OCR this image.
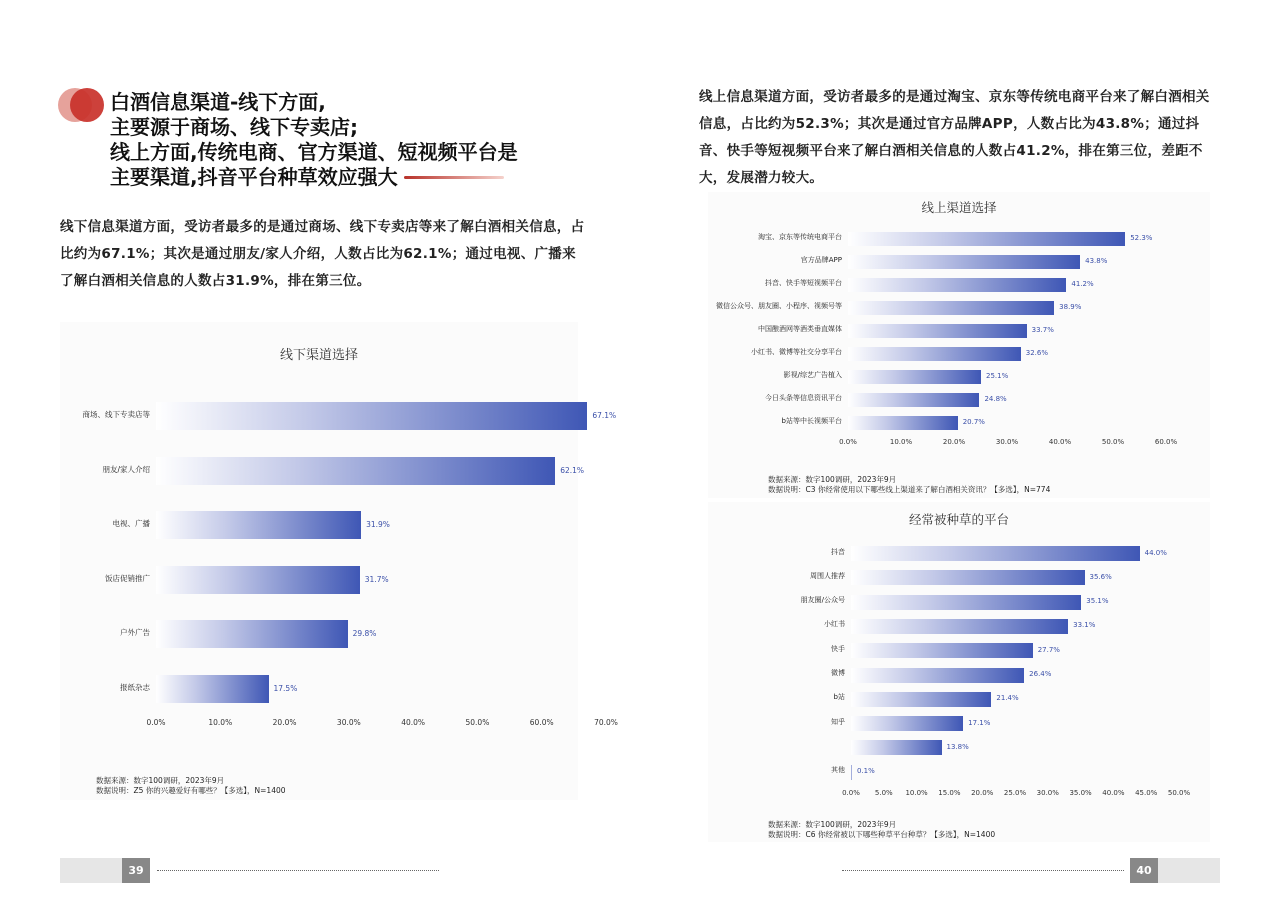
白酒信息渠道-线下方面,
主要源于商场、线下专卖店;
线上方面,传统电商、官方渠道、短视频平台是
主要渠道,抖音平台种草效应强大
线下信息渠道方面，受访者最多的是通过商场、线下专卖店等来了解白酒相关信息，占比约为67.1%；其次是通过朋友/家人介绍，人数占比为62.1%；通过电视、广播来了解白酒相关信息的人数占31.9%，排在第三位。
线上信息渠道方面，受访者最多的是通过淘宝、京东等传统电商平台来了解白酒相关信息，占比约为52.3%；其次是通过官方品牌APP，人数占比为43.8%；通过抖音、快手等短视频平台来了解白酒相关信息的人数占41.2%，排在第三位，差距不大，发展潜力较大。
线下渠道选择
商场、线下专卖店等	67.1%
朋友/家人介绍	62.1%
电视、广播	31.9%
饭店促销推广	31.7%
户外广告	29.8%
报纸杂志	17.5%
0.0%	10.0%	20.0%	30.0%	40.0%	50.0%	60.0%	70.0%
数据来源：数字100调研，2023年9月
数据说明：Z5 你的兴趣爱好有哪些？【多选】，N=1400
线上渠道选择
淘宝、京东等传统电商平台	52.3%
官方品牌APP	43.8%
抖音、快手等短视频平台	41.2%
微信公众号、朋友圈、小程序、视频号等	38.9%
中国酿酒网等酒类垂直媒体	33.7%
小红书、微博等社交分享平台	32.6%
影视/综艺广告植入	25.1%
今日头条等信息资讯平台	24.8%
b站等中长视频平台	20.7%
0.0%	10.0%	20.0%	30.0%	40.0%	50.0%	60.0%
数据来源：数字100调研，2023年9月
数据说明：C3 你经常使用以下哪些线上渠道来了解白酒相关资讯？【多选】，N=774
经常被种草的平台
抖音	44.0%
周围人推荐	35.6%
朋友圈/公众号	35.1%
小红书	33.1%
快手	27.7%
微博	26.4%
b站	21.4%
知乎	17.1%
13.8%
其他 0.1%
0.0% 5.0% 10.0% 15.0% 20.0% 25.0% 30.0% 35.0% 40.0% 45.0% 50.0%
数据来源：数字100调研，2023年9月
数据说明：C6 你经常被以下哪些种草平台种草？【多选】，N=1400
39	40
